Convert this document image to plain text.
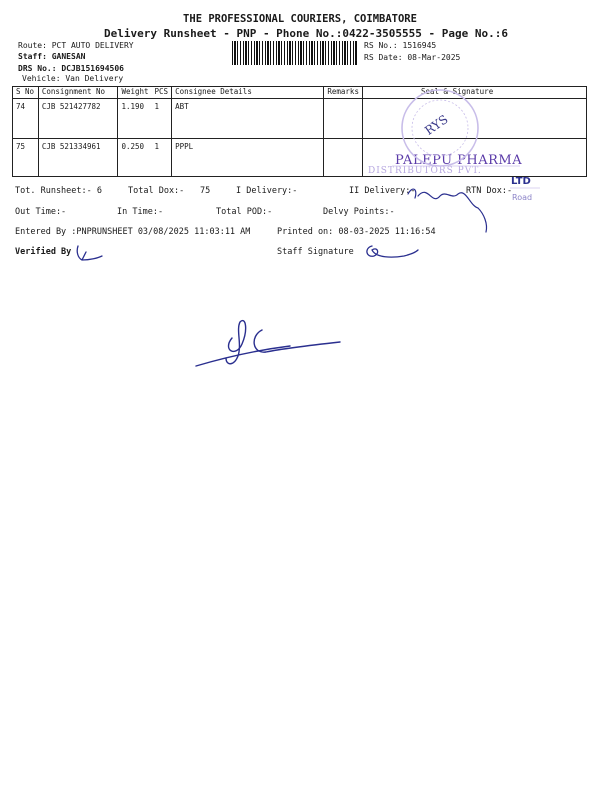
THE PROFESSIONAL COURIERS, COIMBATORE
Delivery Runsheet - PNP - Phone No.:0422-3505555 - Page No.:6
Route: PCT AUTO DELIVERY
Staff: GANESAN
DRS No.: DCJB151694506
Vehicle: Van Delivery
RS No.: 1516945
RS Date: 08-Mar-2025
S No	Consignment No	Weight	PCS	Consignee Details	Remarks	Seal & Signature
74	CJB 521427782	1.190	1	ABT		
75	CJB 521334961	0.250	1	PPPL		
Tot. Runsheet:- 6	Total Dox:- 75	I Delivery:-	II Delivery:-	RTN Dox:-
Out Time:-	In Time:-	Total POD:-	Delvy Points:-
Entered By :PNPRUNSHEET 03/08/2025 11:03:11 AM	Printed on: 08-03-2025 11:16:54
Verified By	Staff Signature
PALEPU PHARMA
DISTRIBUTORS PVT.
LTD
Road
RYS
